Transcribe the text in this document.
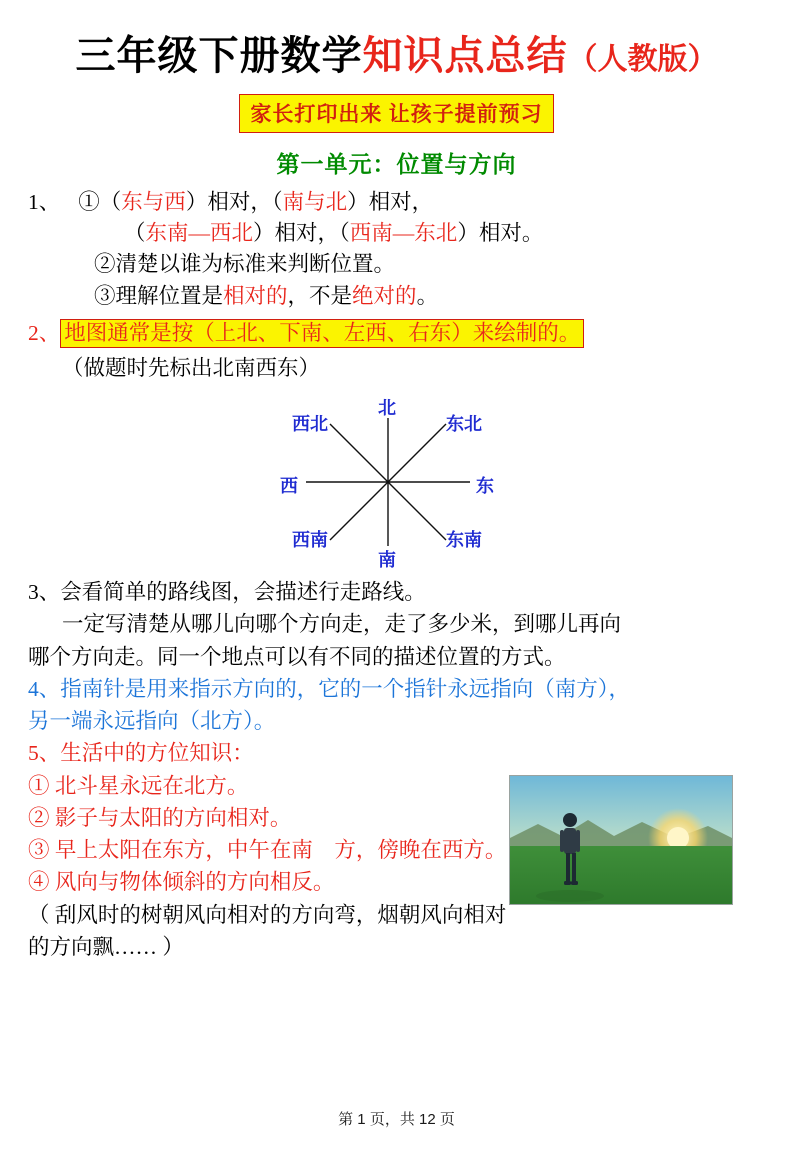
三年级下册数学知识点总结（人教版）
家长打印出来 让孩子提前预习
第一单元：位置与方向
1、 ①（东与西）相对，（南与北）相对，
（东南—西北）相对，（西南—东北）相对。
②清楚以谁为标准来判断位置。
③理解位置是相对的，不是绝对的。
2、 地图通常是按（上北、下南、左西、右东）来绘制的。
（做题时先标出北南西东）
北
南
东
西
东北
西北
东南
西南
3、会看简单的路线图，会描述行走路线。
一定写清楚从哪儿向哪个方向走，走了多少米，到哪儿再向
哪个方向走。同一个地点可以有不同的描述位置的方式。
4、指南针是用来指示方向的，它的一个指针永远指向（南方），
另一端永远指向（北方）。
5、生活中的方位知识：
① 北斗星永远在北方。
② 影子与太阳的方向相对。
③ 早上太阳在东方，中午在南　方，傍晚在西方。
④ 风向与物体倾斜的方向相反。
（ 刮风时的树朝风向相对的方向弯，烟朝风向相对
的方向飘…… ）
第 1 页，共 12 页
